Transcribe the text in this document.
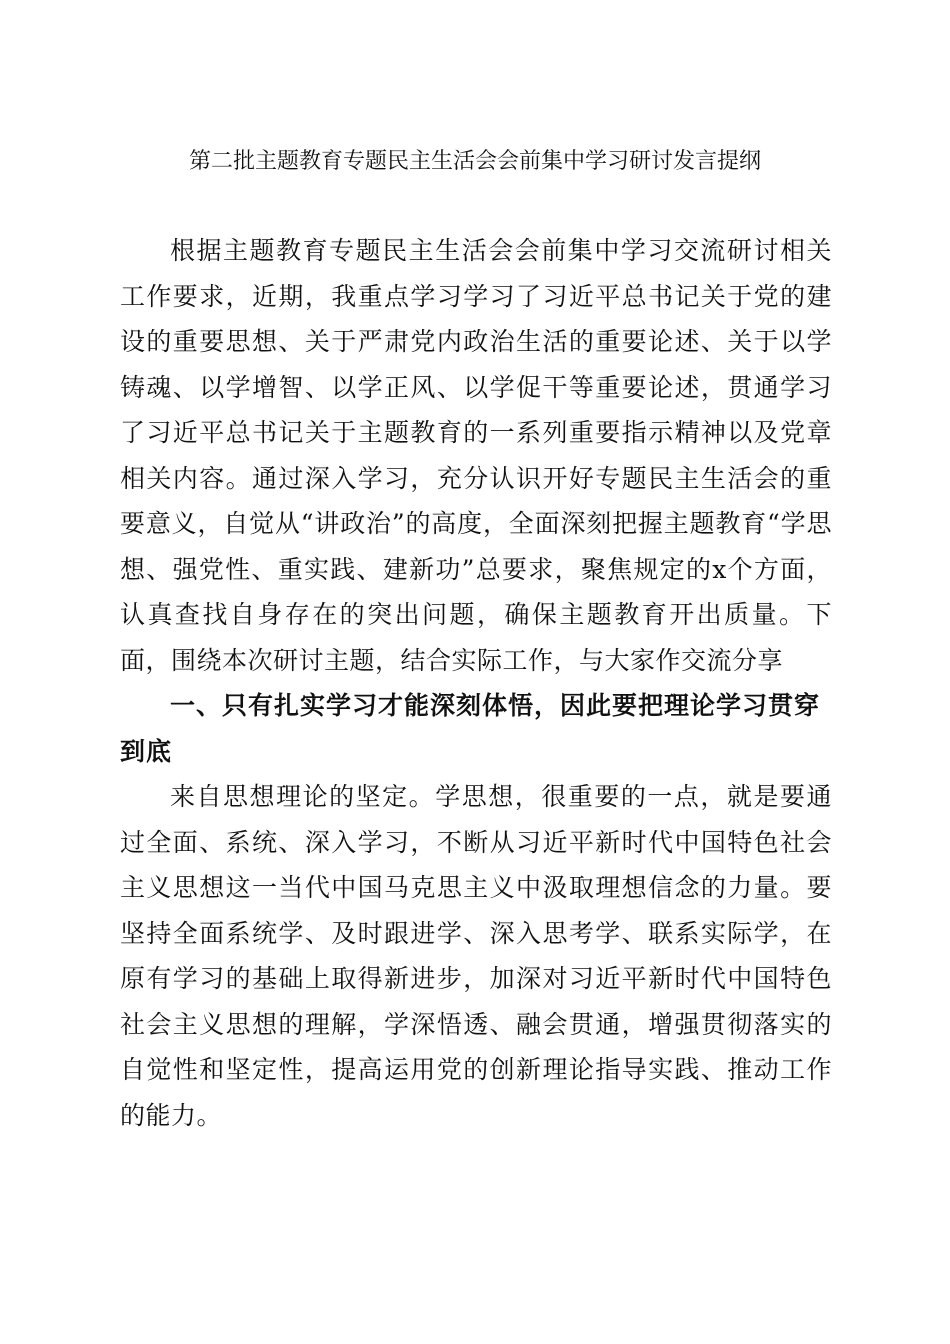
第二批主题教育专题民主生活会会前集中学习研讨发言提纲

根据主题教育专题民主生活会会前集中学习交流研讨相关工作要求，近期，我重点学习学习了习近平总书记关于党的建设的重要思想、关于严肃党内政治生活的重要论述、关于以学铸魂、以学增智、以学正风、以学促干等重要论述，贯通学习了习近平总书记关于主题教育的一系列重要指示精神以及党章相关内容。通过深入学习，充分认识开好专题民主生活会的重要意义，自觉从“讲政治”的高度，全面深刻把握主题教育“学思想、强党性、重实践、建新功”总要求，聚焦规定的x个方面，认真查找自身存在的突出问题，确保主题教育开出质量。下面，围绕本次研讨主题，结合实际工作，与大家作交流分享

一、只有扎实学习才能深刻体悟，因此要把理论学习贯穿到底

来自思想理论的坚定。学思想，很重要的一点，就是要通过全面、系统、深入学习，不断从习近平新时代中国特色社会主义思想这一当代中国马克思主义中汲取理想信念的力量。要坚持全面系统学、及时跟进学、深入思考学、联系实际学，在原有学习的基础上取得新进步，加深对习近平新时代中国特色社会主义思想的理解，学深悟透、融会贯通，增强贯彻落实的自觉性和坚定性，提高运用党的创新理论指导实践、推动工作的能力。
